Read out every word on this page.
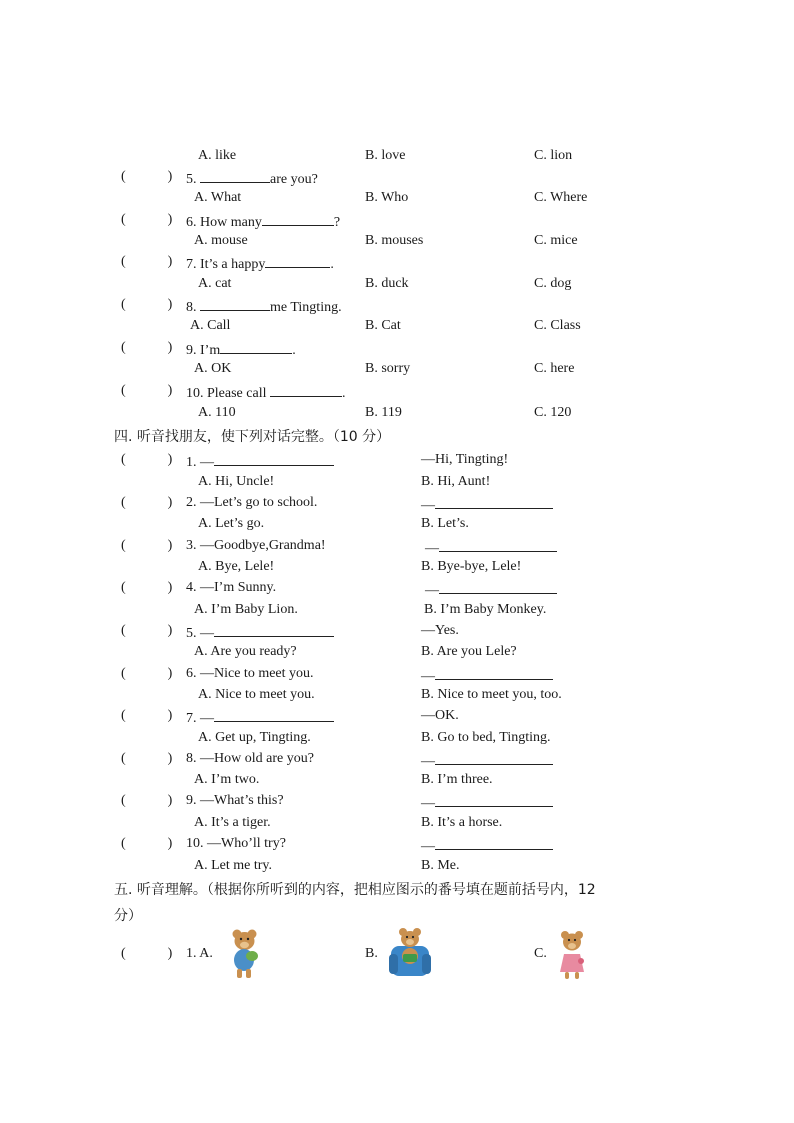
A. like	B. love	C. lion
(　　　) 5.	are you?
A. What	B. Who	C. Where
(　　　) 6. How many	?
A. mouse	B. mouses	C. mice
(　　　) 7. It’s a happy	.
A. cat	B. duck	C. dog
(　　　) 8.	me Tingting.
A. Call	B. Cat	C. Class
(　　　) 9. I’m	.
A. OK	B. sorry	C. here
(　　　) 10. Please call	.
A. 110	B. 119	C. 120
四. 听音找朋友，使下列对话完整。（10 分）
(　　　) 1. —	—Hi, Tingting!
A. Hi, Uncle!	B. Hi, Aunt!
(　　　) 2. —Let’s go to school.	—
A. Let’s go.	B. Let’s.
(　　　) 3. —Goodbye,Grandma!	—
A. Bye, Lele!	B. Bye-bye, Lele!
(　　　) 4. —I’m Sunny.	—
A. I’m Baby Lion.	B. I’m Baby Monkey.
(　　　) 5. —	—Yes.
A. Are you ready?	B. Are you Lele?
(　　　) 6. —Nice to meet you.	—
A. Nice to meet you.	B. Nice to meet you, too.
(　　　) 7. —	—OK.
A. Get up, Tingting.	B. Go to bed, Tingting.
(　　　) 8. —How old are you?	—
A. I’m two.	B. I’m three.
(　　　) 9. —What’s this?	—
A. It’s a tiger.	B. It’s a horse.
(　　　) 10. —Who’ll try?	—
A. Let me try.	B. Me.
五. 听音理解。（根据你所听到的内容，把相应图示的番号填在题前括号内，12
分）
(　　　) 1. A.	B.	C.
